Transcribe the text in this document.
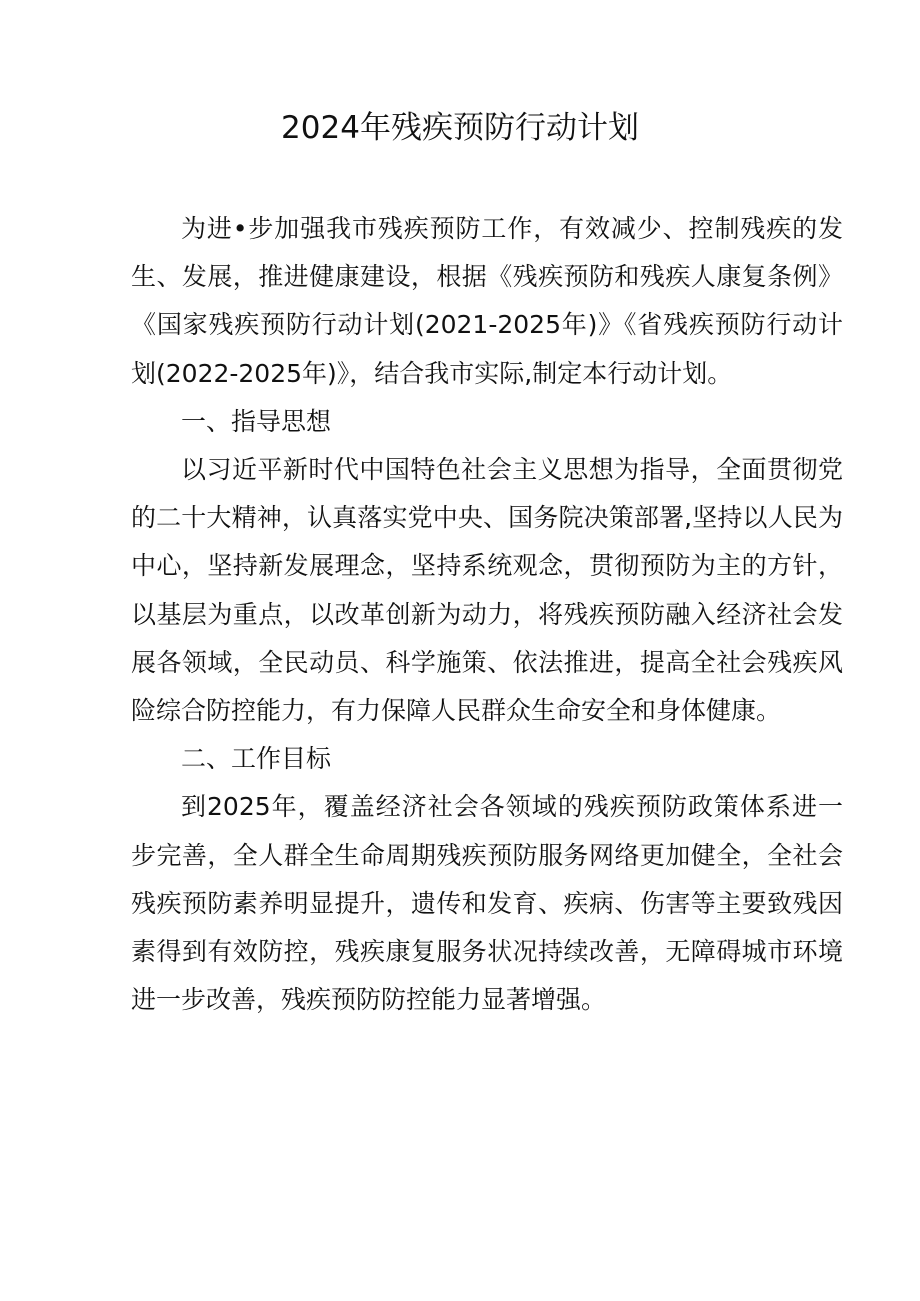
2024年残疾预防行动计划

为进•步加强我市残疾预防工作，有效减少、控制残疾的发生、发展，推进健康建设，根据《残疾预防和残疾人康复条例》《国家残疾预防行动计划(2021-2025年)》《省残疾预防行动计划(2022-2025年)》，结合我市实际,制定本行动计划。

一、指导思想

以习近平新时代中国特色社会主义思想为指导，全面贯彻党的二十大精神，认真落实党中央、国务院决策部署,坚持以人民为中心，坚持新发展理念，坚持系统观念，贯彻预防为主的方针，以基层为重点，以改革创新为动力，将残疾预防融入经济社会发展各领域，全民动员、科学施策、依法推进，提高全社会残疾风险综合防控能力，有力保障人民群众生命安全和身体健康。

二、工作目标

到2025年，覆盖经济社会各领域的残疾预防政策体系进一步完善，全人群全生命周期残疾预防服务网络更加健全，全社会残疾预防素养明显提升，遗传和发育、疾病、伤害等主要致残因素得到有效防控，残疾康复服务状况持续改善，无障碍城市环境进一步改善，残疾预防防控能力显著增强。
